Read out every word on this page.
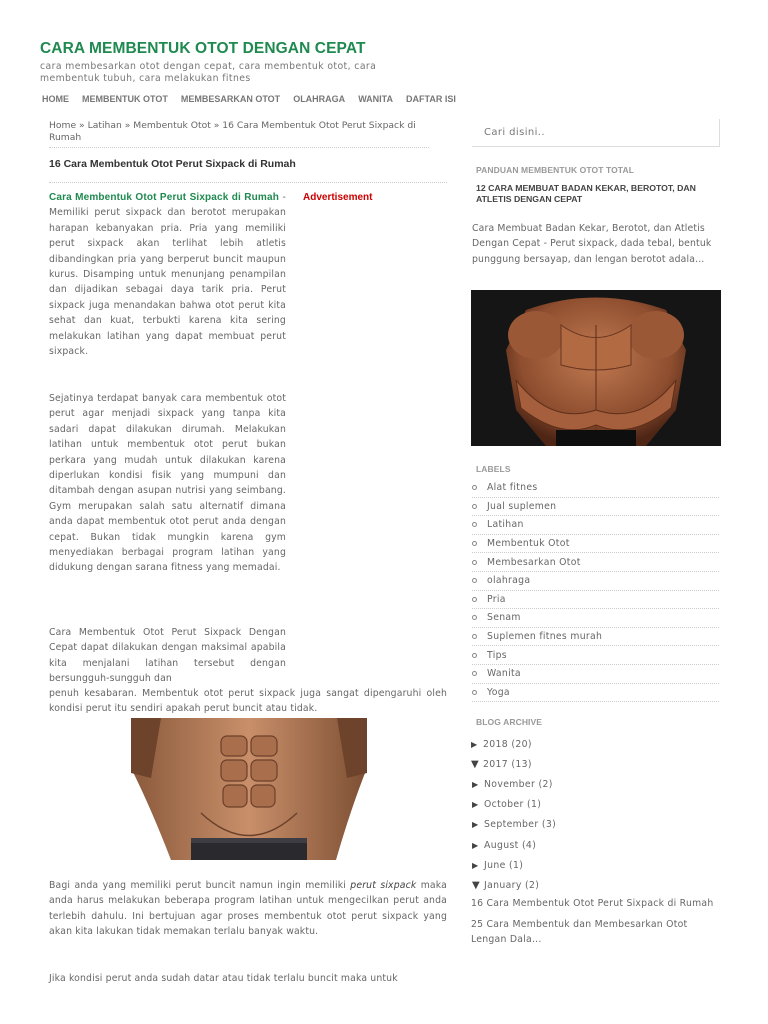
CARA MEMBENTUK OTOT DENGAN CEPAT
cara membesarkan otot dengan cepat, cara membentuk otot, cara membentuk tubuh, cara melakukan fitnes
HOME MEMBENTUK OTOT MEMBESARKAN OTOT OLAHRAGA WANITA DAFTAR ISI
Home » Latihan » Membentuk Otot » 16 Cara Membentuk Otot Perut Sixpack di Rumah
16 Cara Membentuk Otot Perut Sixpack di Rumah
Advertisement

Cara Membentuk Otot Perut Sixpack di Rumah - Memiliki perut sixpack dan berotot merupakan harapan kebanyakan pria. Pria yang memiliki perut sixpack akan terlihat lebih atletis dibandingkan pria yang berperut buncit maupun kurus. Disamping untuk menunjang penampilan dan dijadikan sebagai daya tarik pria. Perut sixpack juga menandakan bahwa otot perut kita sehat dan kuat, terbukti karena kita sering melakukan latihan yang dapat membuat perut sixpack.

Sejatinya terdapat banyak cara membentuk otot perut agar menjadi sixpack yang tanpa kita sadari dapat dilakukan dirumah. Melakukan latihan untuk membentuk otot perut bukan perkara yang mudah untuk dilakukan karena diperlukan kondisi fisik yang mumpuni dan ditambah dengan asupan nutrisi yang seimbang. Gym merupakan salah satu alternatif dimana anda dapat membentuk otot perut anda dengan cepat. Bukan tidak mungkin karena gym menyediakan berbagai program latihan yang didukung dengan sarana fitness yang memadai.

Cara Membentuk Otot Perut Sixpack Dengan Cepat dapat dilakukan dengan maksimal apabila kita menjalani latihan tersebut dengan bersungguh-sungguh dan

penuh kesabaran. Membentuk otot perut sixpack juga sangat dipengaruhi oleh kondisi perut itu sendiri apakah perut buncit atau tidak.

Bagi anda yang memiliki perut buncit namun ingin memiliki perut sixpack maka anda harus melakukan beberapa program latihan untuk mengecilkan perut anda terlebih dahulu. Ini bertujuan agar proses membentuk otot perut sixpack yang akan kita lakukan tidak memakan terlalu banyak waktu.

Jika kondisi perut anda sudah datar atau tidak terlalu buncit maka untuk

Cari disini..
PANDUAN MEMBENTUK OTOT TOTAL
12 CARA MEMBUAT BADAN KEKAR, BEROTOT, DAN ATLETIS DENGAN CEPAT

Cara Membuat Badan Kekar, Berotot, dan Atletis Dengan Cepat - Perut sixpack, dada tebal, bentuk punggung bersayap, dan lengan berotot adala...

LABELS
Alat fitnes
Jual suplemen
Latihan
Membentuk Otot
Membesarkan Otot
olahraga
Pria
Senam
Suplemen fitnes murah
Tips
Wanita
Yoga
BLOG ARCHIVE
▶ 2018
(20)
▼ 2017
(13)
▶ November
(2)
▶ October
(1)
▶ September
(3)
▶ August
(4)
▶ June
(1)
▼ January
(2)
16 Cara Membentuk Otot Perut Sixpack di Rumah
25 Cara Membentuk dan Membesarkan Otot Lengan Dala...
